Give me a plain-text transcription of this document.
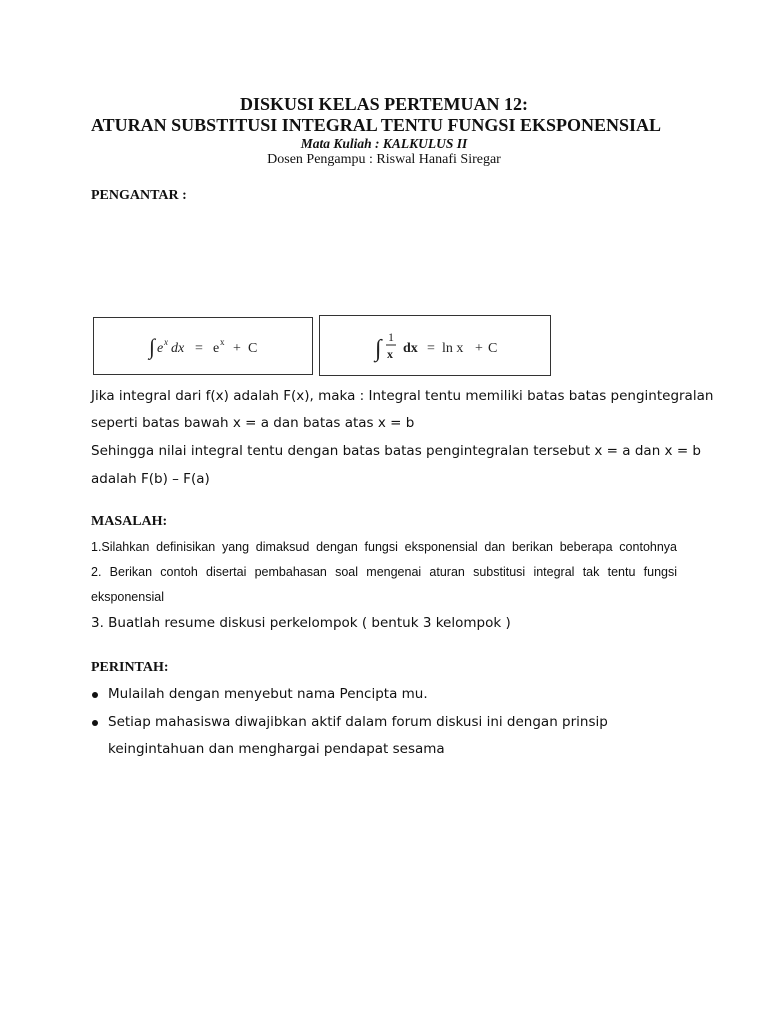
DISKUSI KELAS PERTEMUAN 12:
ATURAN SUBSTITUSI INTEGRAL TENTU FUNGSI EKSPONENSIAL
Mata Kuliah : KALKULUS II
Dosen Pengampu : Riswal Hanafi Siregar
PENGANTAR :
∫ e x dx = e x + C	∫ 1
x dx = ln x + C
Jika integral dari f(x) adalah F(x), maka : Integral tentu memiliki batas batas pengintegralan
seperti batas bawah x = a dan batas atas x = b
Sehingga nilai integral tentu dengan batas batas pengintegralan tersebut x = a dan x = b
adalah F(b) – F(a)
MASALAH:
1.Silahkan definisikan yang dimaksud dengan fungsi eksponensial dan berikan beberapa contohnya
2. Berikan contoh disertai pembahasan soal mengenai aturan substitusi integral tak tentu fungsi
eksponensial
3. Buatlah resume diskusi perkelompok ( bentuk 3 kelompok )
PERINTAH:
Mulailah dengan menyebut nama Pencipta mu.
Setiap mahasiswa diwajibkan aktif dalam forum diskusi ini dengan prinsip
keingintahuan dan menghargai pendapat sesama
